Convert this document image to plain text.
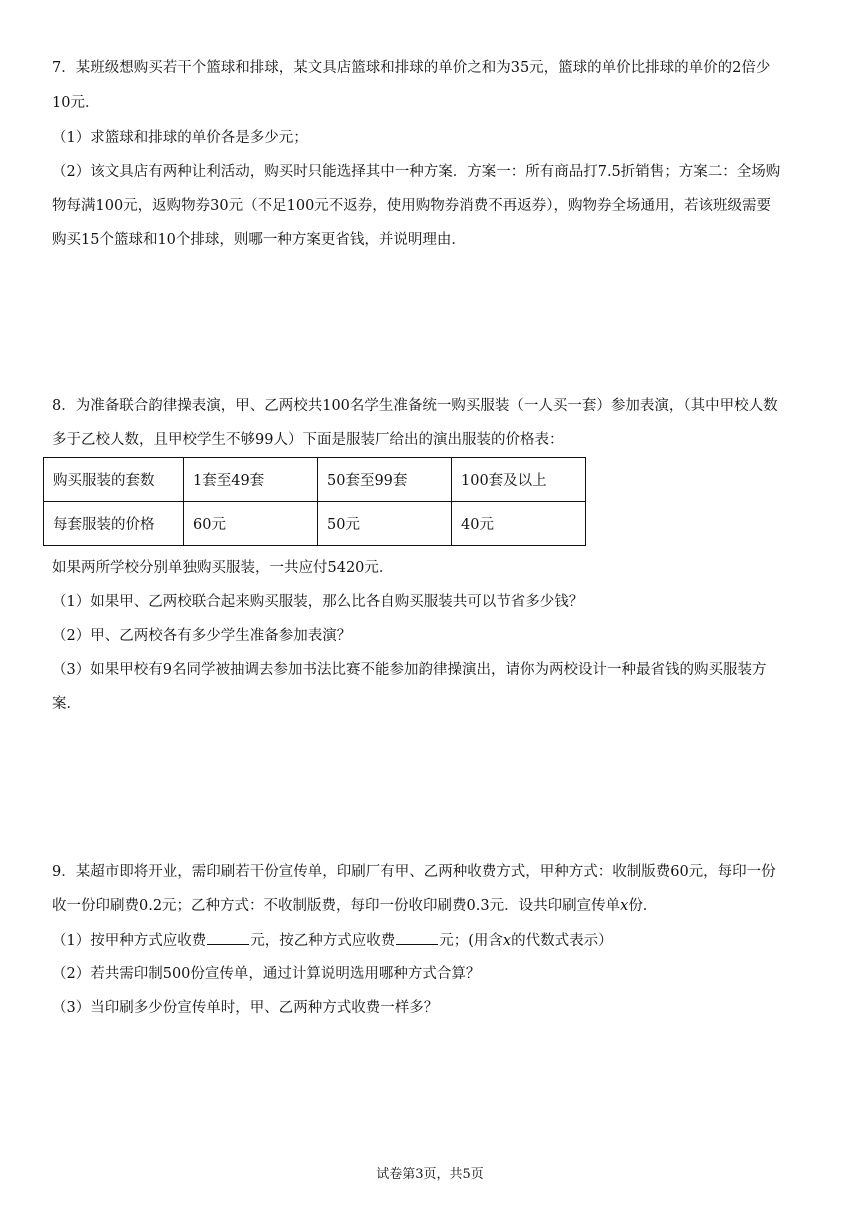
7．某班级想购买若干个篮球和排球，某文具店篮球和排球的单价之和为35元，篮球的单价比排球的单价的2倍少
10元．
（1）求篮球和排球的单价各是多少元；
（2）该文具店有两种让利活动，购买时只能选择其中一种方案．方案一：所有商品打7.5折销售；方案二：全场购
物每满100元，返购物券30元（不足100元不返券，使用购物券消费不再返券），购物券全场通用，若该班级需要
购买15个篮球和10个排球，则哪一种方案更省钱，并说明理由．
8．为准备联合韵律操表演，甲、乙两校共100名学生准备统一购买服装（一人买一套）参加表演，（其中甲校人数
多于乙校人数，且甲校学生不够99人）下面是服装厂给出的演出服装的价格表：
购买服装的套数	1套至49套	50套至99套	100套及以上
每套服装的价格	60元	50元	40元
如果两所学校分别单独购买服装，一共应付5420元．
（1）如果甲、乙两校联合起来购买服装，那么比各自购买服装共可以节省多少钱？
（2）甲、乙两校各有多少学生准备参加表演？
（3）如果甲校有9名同学被抽调去参加书法比赛不能参加韵律操演出，请你为两校设计一种最省钱的购买服装方
案．
9．某超市即将开业，需印刷若干份宣传单，印刷厂有甲、乙两种收费方式，甲种方式：收制版费60元，每印一份
收一份印刷费0.2元；乙种方式：不收制版费，每印一份收印刷费0.3元．设共印刷宣传单x份．
（1）按甲种方式应收费	元，按乙种方式应收费	元；(用含x的代数式表示）
（2）若共需印制500份宣传单，通过计算说明选用哪种方式合算？
（3）当印刷多少份宣传单时，甲、乙两种方式收费一样多？
试卷第3页，共5页
